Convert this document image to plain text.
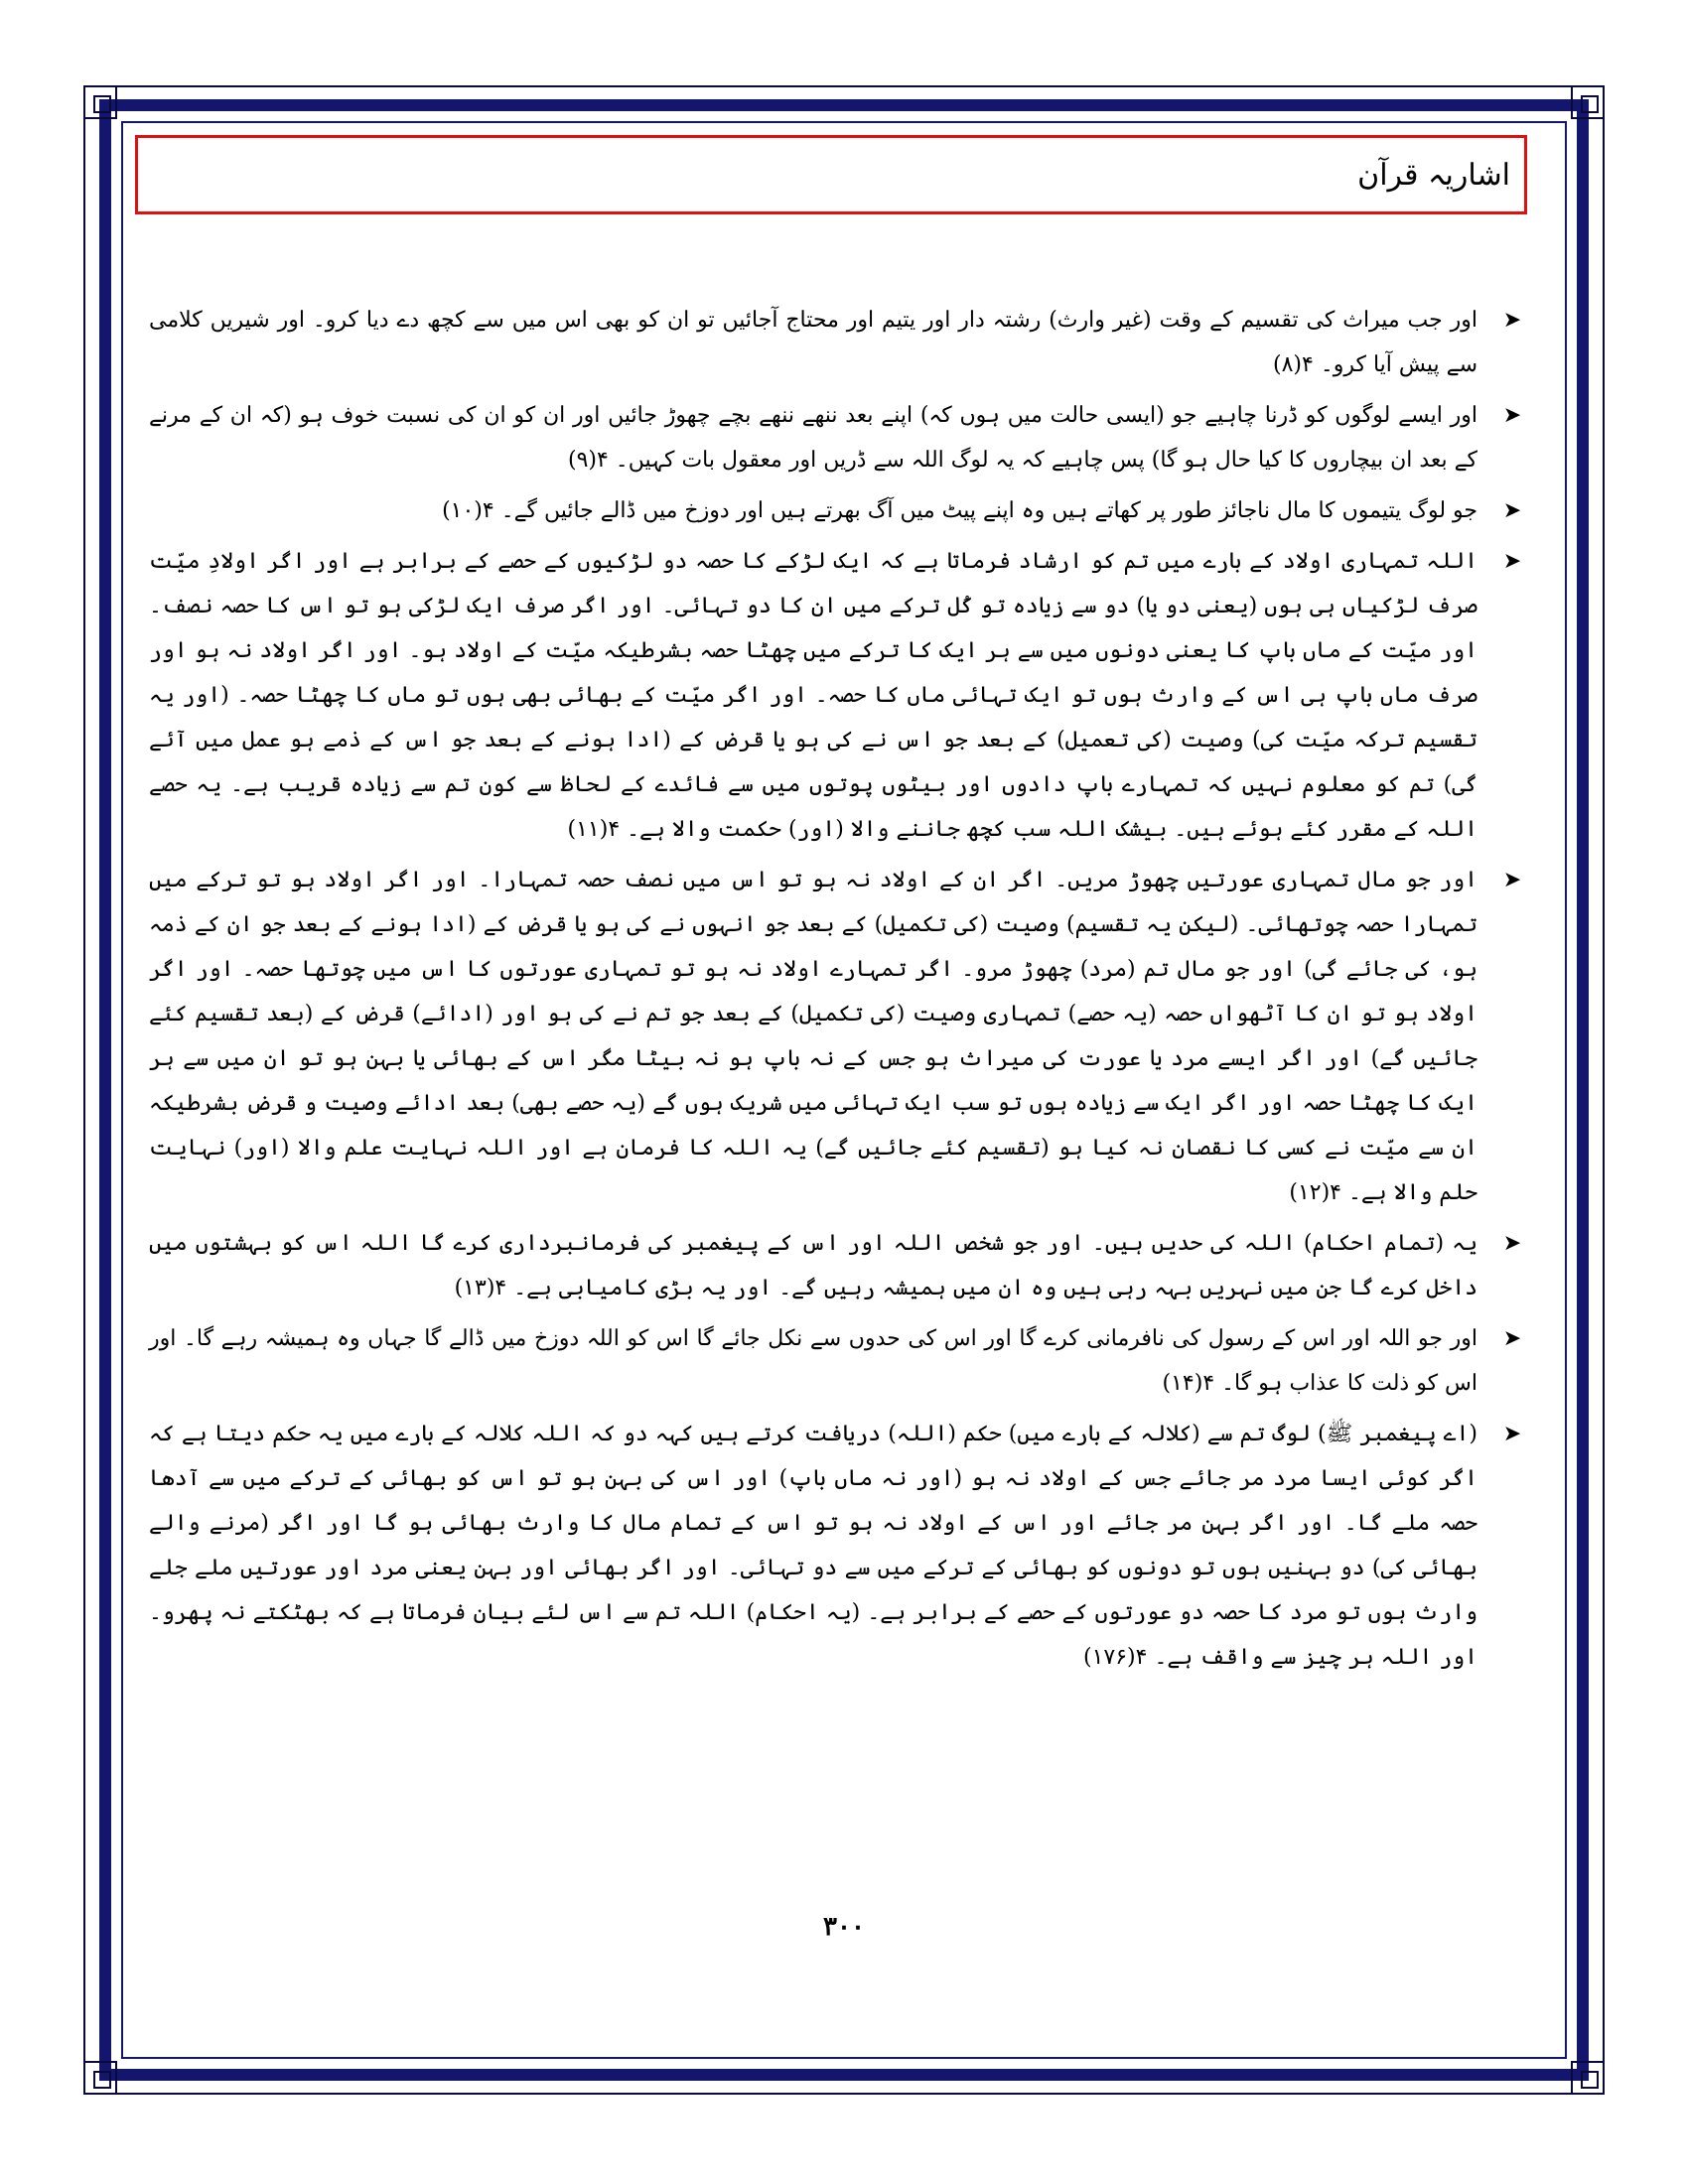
اشاریہ قرآن
➤
اور جب میراث کی تقسیم کے وقت (غیر وارث) رشتہ دار اور یتیم اور محتاج آجائیں تو ان کو بھی اس میں سے کچھ دے دیا کرو۔ اور شیریں کلامی سے پیش آیا کرو۔ ۴(۸)
➤
اور ایسے لوگوں کو ڈرنا چاہیے جو (ایسی حالت میں ہوں کہ) اپنے بعد ننھے ننھے بچے چھوڑ جائیں اور ان کو ان کی نسبت خوف ہو (کہ ان کے مرنے کے بعد ان بیچاروں کا کیا حال ہو گا) پس چاہیے کہ یہ لوگ اللہ سے ڈریں اور معقول بات کہیں۔ ۴(۹)
➤
جو لوگ یتیموں کا مال ناجائز طور پر کھاتے ہیں وہ اپنے پیٹ میں آگ بھرتے ہیں اور دوزخ میں ڈالے جائیں گے۔ ۴(۱۰)
➤
اللہ تمہاری اولاد کے بارے میں تم کو ارشاد فرماتا ہے کہ ایک لڑکے کا حصہ دو لڑکیوں کے حصے کے برابر ہے اور اگر اولادِ میّت صرف لڑکیاں ہی ہوں (یعنی دو یا) دو سے زیادہ تو کُل ترکے میں ان کا دو تہائی۔ اور اگر صرف ایک لڑکی ہو تو اس کا حصہ نصف۔ اور میّت کے ماں باپ کا یعنی دونوں میں سے ہر ایک کا ترکے میں چھٹا حصہ بشرطیکہ میّت کے اولاد ہو۔ اور اگر اولاد نہ ہو اور صرف ماں باپ ہی اس کے وارث ہوں تو ایک تہائی ماں کا حصہ۔ اور اگر میّت کے بھائی بھی ہوں تو ماں کا چھٹا حصہ۔ (اور یہ تقسیم ترکہ میّت کی) وصیت (کی تعمیل) کے بعد جو اس نے کی ہو یا قرض کے (ادا ہونے کے بعد جو اس کے ذمے ہو عمل میں آئے گی) تم کو معلوم نہیں کہ تمہارے باپ دادوں اور بیٹوں پوتوں میں سے فائدے کے لحاظ سے کون تم سے زیادہ قریب ہے۔ یہ حصے اللہ کے مقرر کئے ہوئے ہیں۔ بیشک اللہ سب کچھ جاننے والا (اور) حکمت والا ہے۔ ۴(۱۱)
➤
اور جو مال تمہاری عورتیں چھوڑ مریں۔ اگر ان کے اولاد نہ ہو تو اس میں نصف حصہ تمہارا۔ اور اگر اولاد ہو تو ترکے میں تمہارا حصہ چوتھائی۔ (لیکن یہ تقسیم) وصیت (کی تکمیل) کے بعد جو انہوں نے کی ہو یا قرض کے (ادا ہونے کے بعد جو ان کے ذمہ ہو، کی جائے گی) اور جو مال تم (مرد) چھوڑ مرو۔ اگر تمہارے اولاد نہ ہو تو تمہاری عورتوں کا اس میں چوتھا حصہ۔ اور اگر اولاد ہو تو ان کا آٹھواں حصہ (یہ حصے) تمہاری وصیت (کی تکمیل) کے بعد جو تم نے کی ہو اور (ادائے) قرض کے (بعد تقسیم کئے جائیں گے) اور اگر ایسے مرد یا عورت کی میراث ہو جس کے نہ باپ ہو نہ بیٹا مگر اس کے بھائی یا بہن ہو تو ان میں سے ہر ایک کا چھٹا حصہ اور اگر ایک سے زیادہ ہوں تو سب ایک تہائی میں شریک ہوں گے (یہ حصے بھی) بعد ادائے وصیت و قرض بشرطیکہ ان سے میّت نے کسی کا نقصان نہ کیا ہو (تقسیم کئے جائیں گے) یہ اللہ کا فرمان ہے اور اللہ نہایت علم والا (اور) نہایت حلم والا ہے۔ ۴(۱۲)
➤
یہ (تمام احکام) اللہ کی حدیں ہیں۔ اور جو شخص اللہ اور اس کے پیغمبر کی فرمانبرداری کرے گا اللہ اس کو بہشتوں میں داخل کرے گا جن میں نہریں بہہ رہی ہیں وہ ان میں ہمیشہ رہیں گے۔ اور یہ بڑی کامیابی ہے۔ ۴(۱۳)
➤
اور جو اللہ اور اس کے رسول کی نافرمانی کرے گا اور اس کی حدوں سے نکل جائے گا اس کو اللہ دوزخ میں ڈالے گا جہاں وہ ہمیشہ رہے گا۔ اور اس کو ذلت کا عذاب ہو گا۔ ۴(۱۴)
➤
(اے پیغمبر ﷺ) لوگ تم سے (کلالہ کے بارے میں) حکم (اللہ) دریافت کرتے ہیں کہہ دو کہ اللہ کلالہ کے بارے میں یہ حکم دیتا ہے کہ اگر کوئی ایسا مرد مر جائے جس کے اولاد نہ ہو (اور نہ ماں باپ) اور اس کی بہن ہو تو اس کو بھائی کے ترکے میں سے آدھا حصہ ملے گا۔ اور اگر بہن مر جائے اور اس کے اولاد نہ ہو تو اس کے تمام مال کا وارث بھائی ہو گا اور اگر (مرنے والے بھائی کی) دو بہنیں ہوں تو دونوں کو بھائی کے ترکے میں سے دو تہائی۔ اور اگر بھائی اور بہن یعنی مرد اور عورتیں ملے جلے وارث ہوں تو مرد کا حصہ دو عورتوں کے حصے کے برابر ہے۔ (یہ احکام) اللہ تم سے اس لئے بیان فرماتا ہے کہ بھٹکتے نہ پھرو۔ اور اللہ ہر چیز سے واقف ہے۔ ۴(۱۷۶)
۳۰۰
